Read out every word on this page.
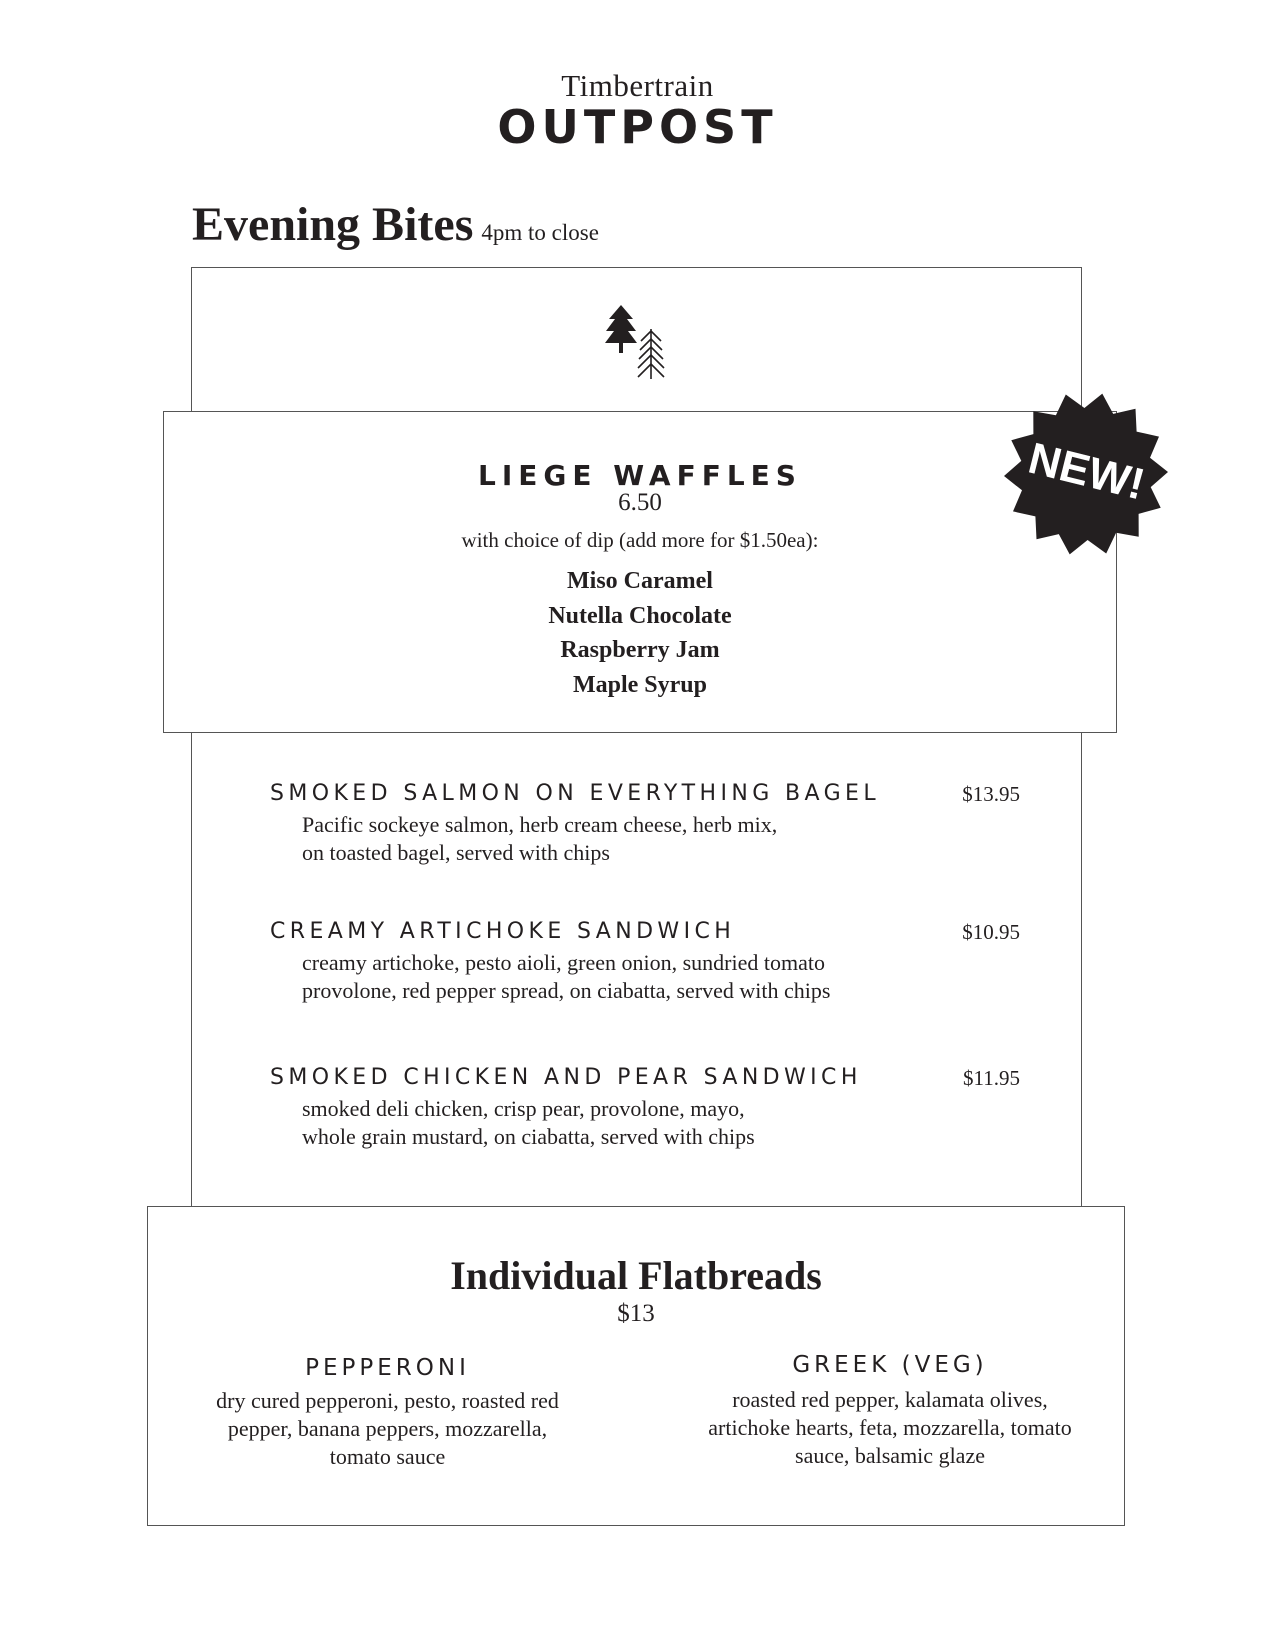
Timbertrain
OUTPOST
Evening Bites 4pm to close
LIEGE WAFFLES
6.50
with choice of dip (add more for $1.50ea):
Miso Caramel
Nutella Chocolate
Raspberry Jam
Maple Syrup
NEW!
SMOKED SALMON ON EVERYTHING BAGEL	$13.95
Pacific sockeye salmon, herb cream cheese, herb mix,
on toasted bagel, served with chips
CREAMY ARTICHOKE SANDWICH	$10.95
creamy artichoke, pesto aioli, green onion, sundried tomato
provolone, red pepper spread, on ciabatta, served with chips
SMOKED CHICKEN AND PEAR SANDWICH	$11.95
smoked deli chicken, crisp pear, provolone, mayo,
whole grain mustard, on ciabatta, served with chips
Individual Flatbreads
$13
PEPPERONI
dry cured pepperoni, pesto, roasted red
pepper, banana peppers, mozzarella,
tomato sauce
GREEK (VEG)
roasted red pepper, kalamata olives,
artichoke hearts, feta, mozzarella, tomato
sauce, balsamic glaze
